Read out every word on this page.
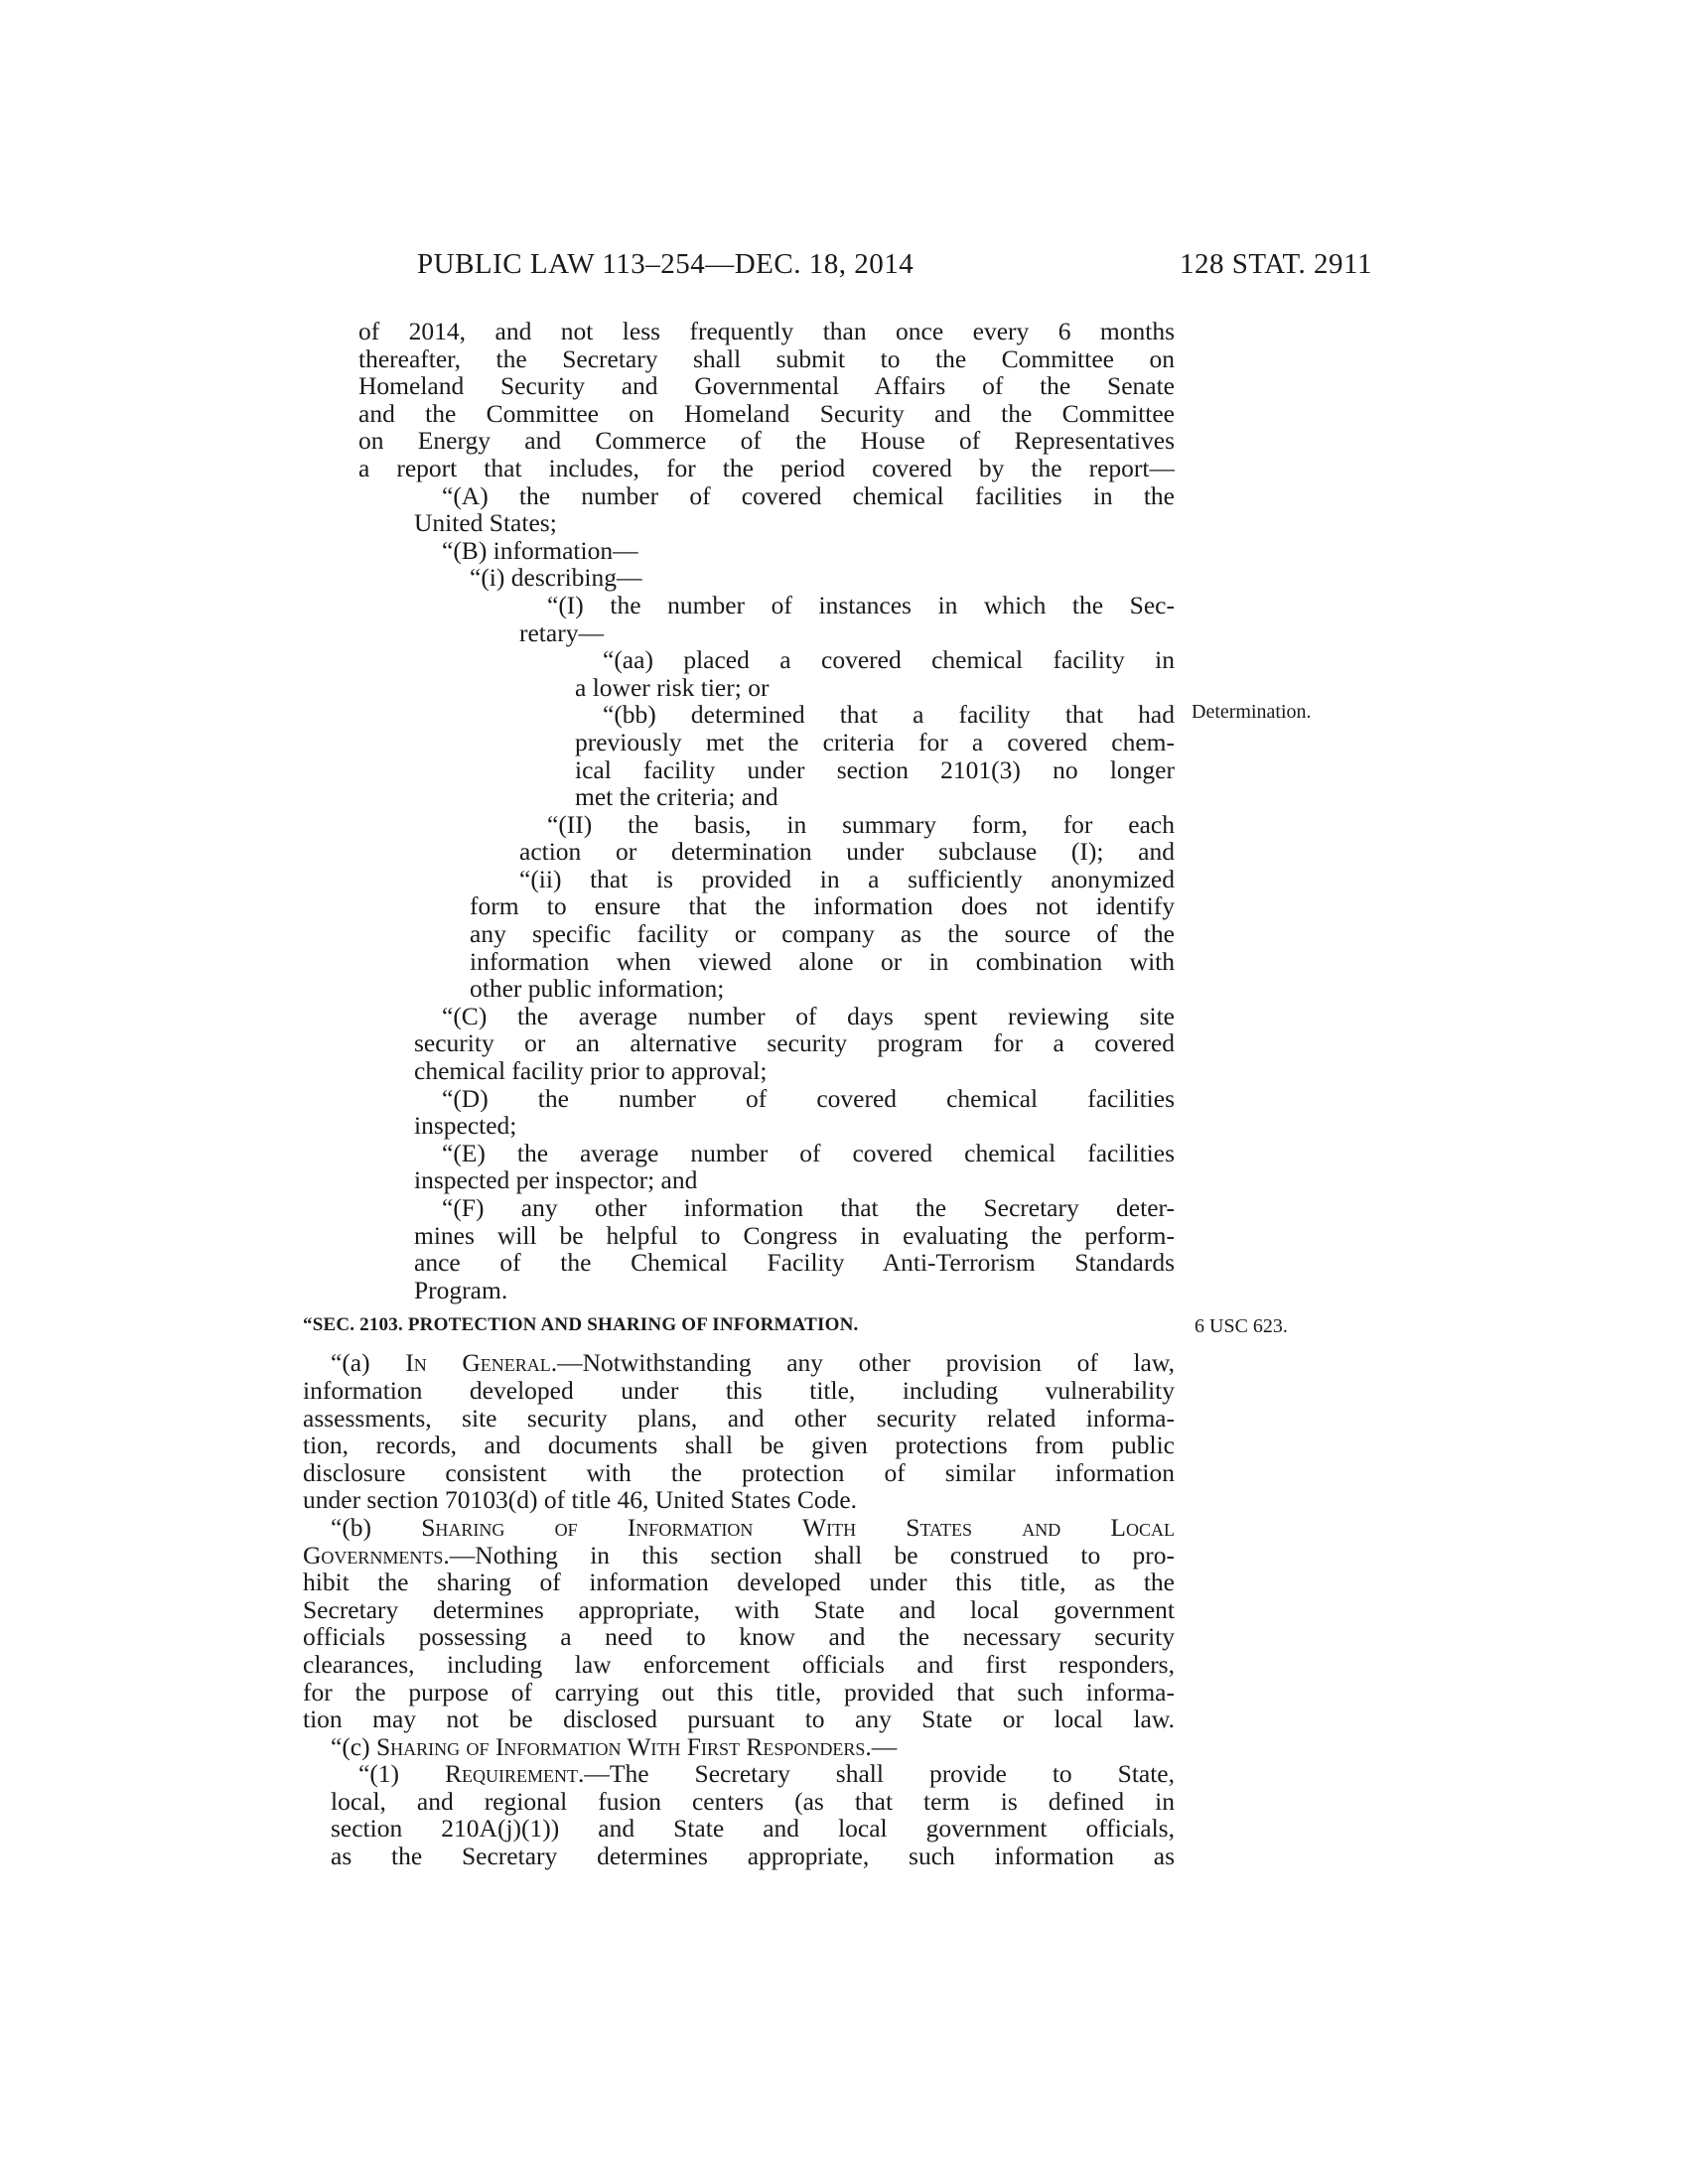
PUBLIC LAW 113–254—DEC. 18, 2014	128 STAT. 2911
Determination.
6 USC 623.

of 2014, and not less frequently than once every 6 months

thereafter, the Secretary shall submit to the Committee on

Homeland Security and Governmental Affairs of the Senate

and the Committee on Homeland Security and the Committee

on Energy and Commerce of the House of Representatives

a report that includes, for the period covered by the report—

“(A) the number of covered chemical facilities in the

United States;

“(B) information—

“(i) describing—

“(I) the number of instances in which the Sec-

retary—

“(aa) placed a covered chemical facility in

a lower risk tier; or

“(bb) determined that a facility that had

previously met the criteria for a covered chem-

ical facility under section 2101(3) no longer

met the criteria; and

“(II) the basis, in summary form, for each

action or determination under subclause (I); and

“(ii) that is provided in a sufficiently anonymized

form to ensure that the information does not identify

any specific facility or company as the source of the

information when viewed alone or in combination with

other public information;

“(C) the average number of days spent reviewing site

security or an alternative security program for a covered

chemical facility prior to approval;

“(D) the number of covered chemical facilities

inspected;

“(E) the average number of covered chemical facilities

inspected per inspector; and

“(F) any other information that the Secretary deter-

mines will be helpful to Congress in evaluating the perform-

ance of the Chemical Facility Anti-Terrorism Standards

Program.

“SEC. 2103. PROTECTION AND SHARING OF INFORMATION.

“(a) In General.—Notwithstanding any other provision of law,

information developed under this title, including vulnerability

assessments, site security plans, and other security related informa-

tion, records, and documents shall be given protections from public

disclosure consistent with the protection of similar information

under section 70103(d) of title 46, United States Code.

“(b) Sharing of Information With States and Local

Governments.—Nothing in this section shall be construed to pro-

hibit the sharing of information developed under this title, as the

Secretary determines appropriate, with State and local government

officials possessing a need to know and the necessary security

clearances, including law enforcement officials and first responders,

for the purpose of carrying out this title, provided that such informa-

tion may not be disclosed pursuant to any State or local law.

“(c) Sharing of Information With First Responders.—

“(1) Requirement.—The Secretary shall provide to State,

local, and regional fusion centers (as that term is defined in

section 210A(j)(1)) and State and local government officials,

as the Secretary determines appropriate, such information as
